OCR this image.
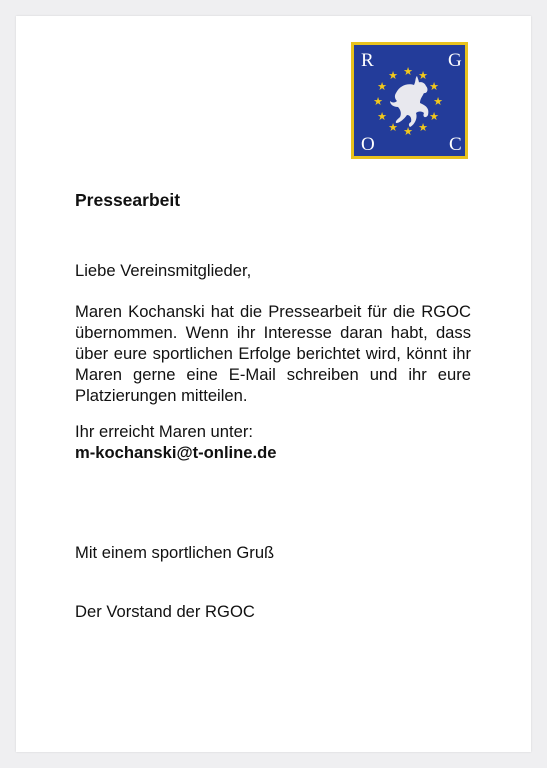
★ ★
★
★
★
★
★
★
★
★
★
★
R	G
O	C
Pressearbeit
Liebe Vereinsmitglieder,
Maren Kochanski hat die Pressearbeit für die RGOC übernommen. Wenn ihr Interesse daran habt, dass über eure sportlichen Erfolge berichtet wird, könnt ihr Maren gerne eine E-Mail schreiben und ihr eure Platzierungen mitteilen.
Ihr erreicht Maren unter:
m-kochanski@t-online.de
Mit einem sportlichen Gruß
Der Vorstand der RGOC
